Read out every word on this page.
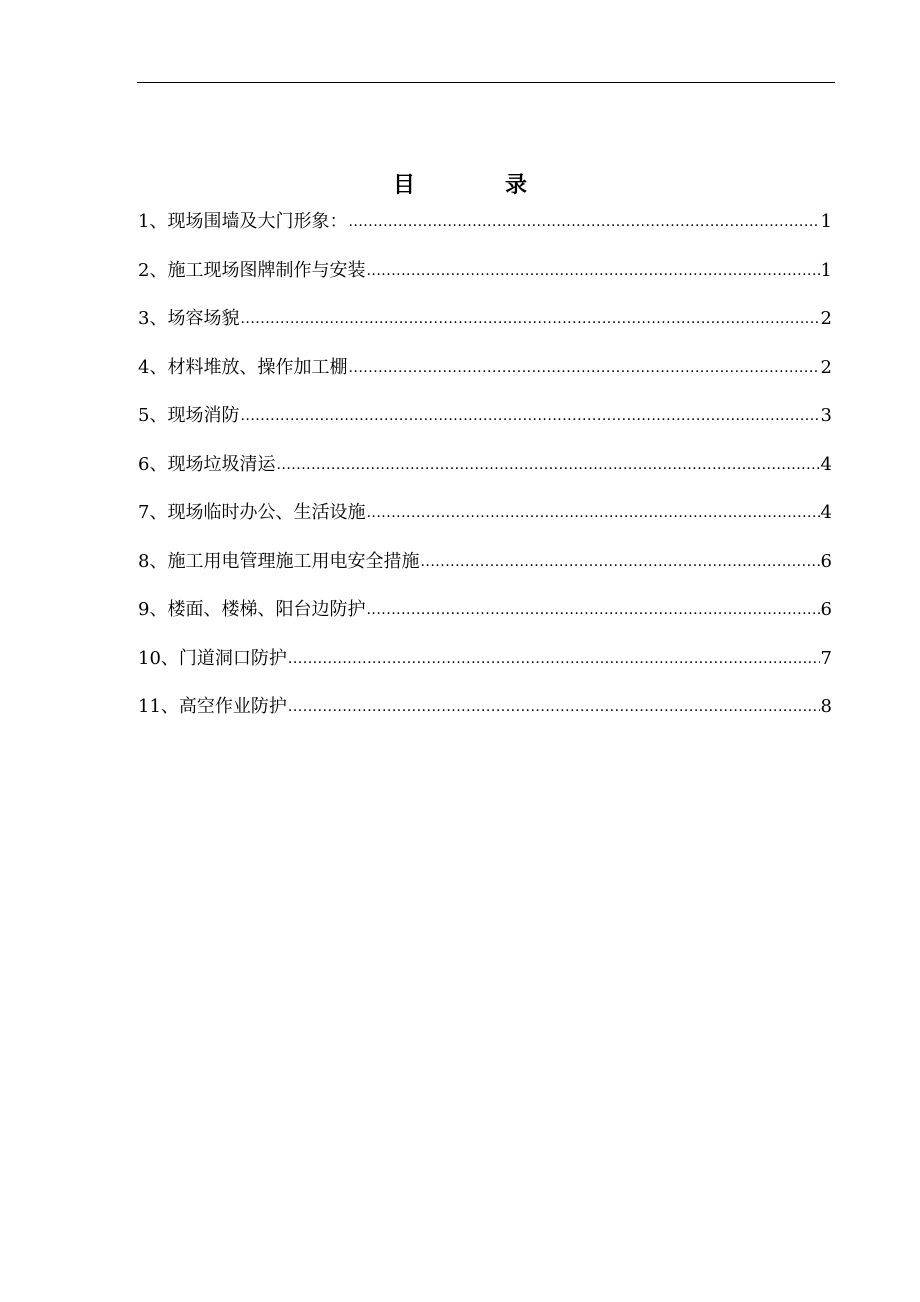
目　录
1、现场围墙及大门形象： .....	1
2、施工现场图牌制作与安装 .....	1
3、场容场貌 .....	2
4、材料堆放、操作加工棚 .....	2
5、现场消防 .....	3
6、现场垃圾清运 .....	4
7、现场临时办公、生活设施 .....	4
8、施工用电管理施工用电安全措施 .....	6
9、楼面、楼梯、阳台边防护 .....	6
10、门道洞口防护 .....	7
11、高空作业防护 .....	8
